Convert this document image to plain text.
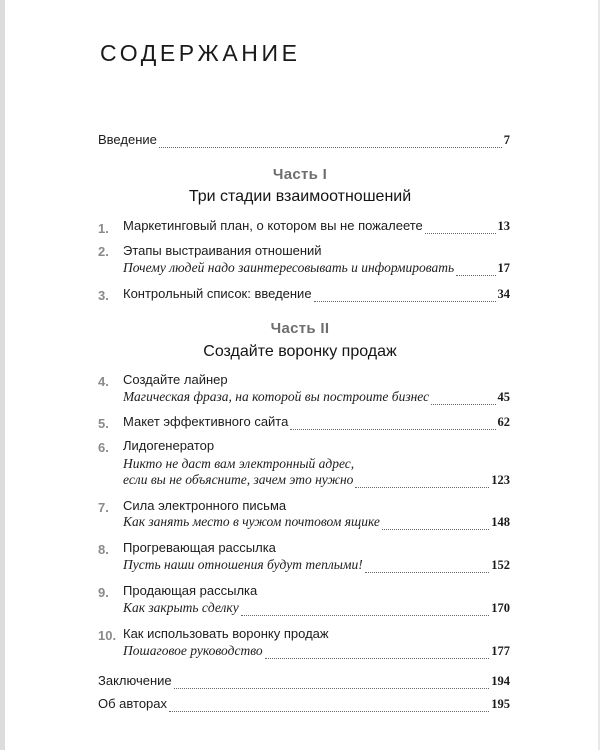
СОДЕРЖАНИЕ
Введение	7
Часть I
Три стадии взаимоотношений
1. Маркетинговый план, о котором вы не пожалеете	13
2. Этапы выстраивания отношений
Почему людей надо заинтересовывать и информировать	17
3. Контрольный список: введение	34
Часть II
Создайте воронку продаж
4. Создайте лайнер
Магическая фраза, на которой вы построите бизнес	45
5. Макет эффективного сайта	62
6. Лидогенератор
Никто не даст вам электронный адрес,
если вы не объясните, зачем это нужно	123
7. Сила электронного письма
Как занять место в чужом почтовом ящике	148
8. Прогревающая рассылка
Пусть наши отношения будут теплыми!	152
9. Продающая рассылка
Как закрыть сделку	170
10. Как использовать воронку продаж
Пошаговое руководство	177
Заключение	194
Об авторах	195
